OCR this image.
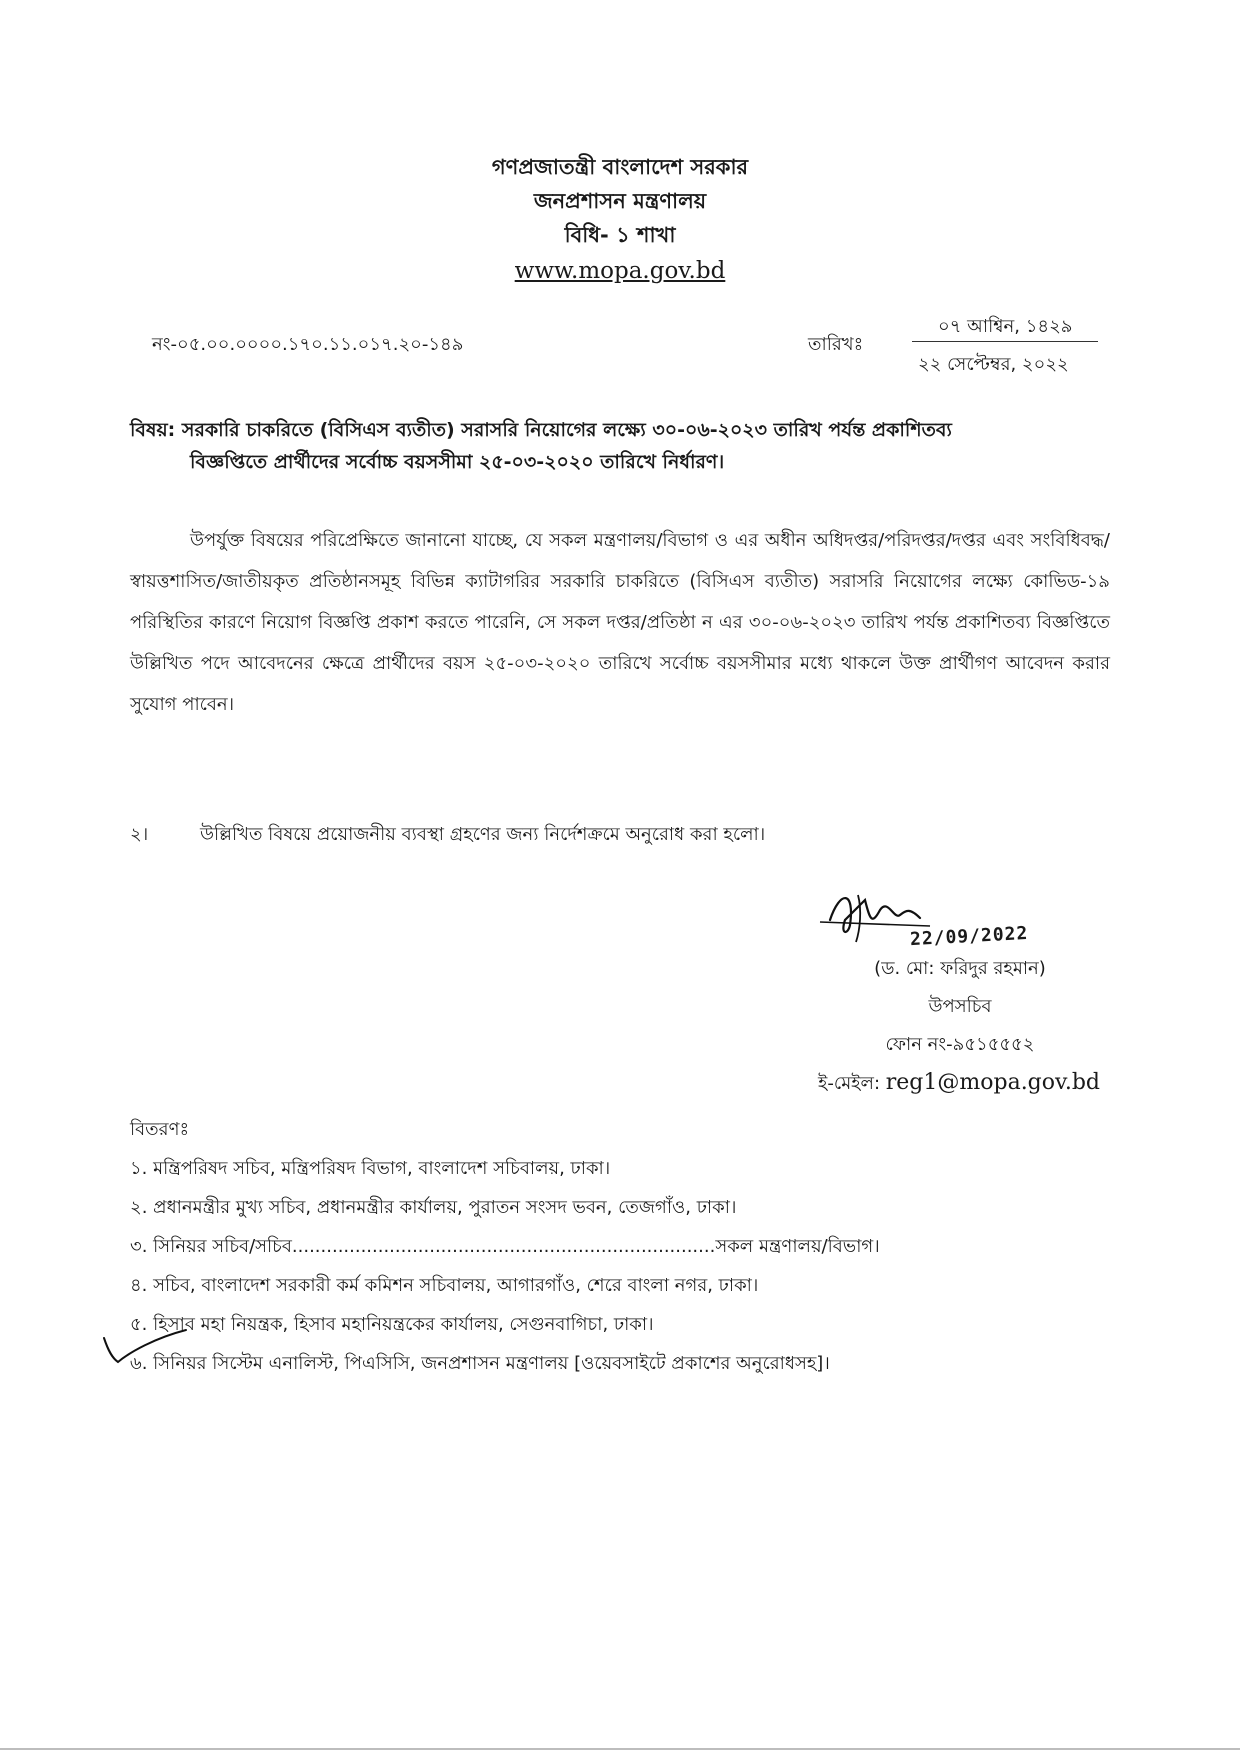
গণপ্রজাতন্ত্রী বাংলাদেশ সরকার
জনপ্রশাসন মন্ত্রণালয়
বিধি- ১ শাখা
www.mopa.gov.bd
নং-০৫.০০.০০০০.১৭০.১১.০১৭.২০-১৪৯	তারিখঃ
০৭ আশ্বিন, ১৪২৯
২২ সেপ্টেম্বর, ২০২২
বিষয়: সরকারি চাকরিতে (বিসিএস ব্যতীত) সরাসরি নিয়োগের লক্ষ্যে ৩০-০৬-২০২৩ তারিখ পর্যন্ত প্রকাশিতব্য
বিজ্ঞপ্তিতে প্রার্থীদের সর্বোচ্চ বয়সসীমা ২৫-০৩-২০২০ তারিখে নির্ধারণ।

উপর্যুক্ত বিষয়ের পরিপ্রেক্ষিতে জানানো যাচ্ছে, যে সকল মন্ত্রণালয়/বিভাগ ও এর অধীন অধিদপ্তর/পরিদপ্তর/দপ্তর এবং সংবিধিবদ্ধ/স্বায়ত্তশাসিত/জাতীয়কৃত প্রতিষ্ঠানসমূহ বিভিন্ন ক্যাটাগরির সরকারি চাকরিতে (বিসিএস ব্যতীত) সরাসরি নিয়োগের লক্ষ্যে কোভিড-১৯ পরিস্থিতির কারণে নিয়োগ বিজ্ঞপ্তি প্রকাশ করতে পারেনি, সে সকল দপ্তর/প্রতিষ্ঠা ন এর ৩০-০৬-২০২৩ তারিখ পর্যন্ত প্রকাশিতব্য বিজ্ঞপ্তিতে উল্লিখিত পদে আবেদনের ক্ষেত্রে প্রার্থীদের বয়স ২৫-০৩-২০২০ তারিখে সর্বোচ্চ বয়সসীমার মধ্যে থাকলে উক্ত প্রার্থীগণ আবেদন করার সুযোগ পাবেন।

২।	উল্লিখিত বিষয়ে প্রয়োজনীয় ব্যবস্থা গ্রহণের জন্য নির্দেশক্রমে অনুরোধ করা হলো।
22/09/2022
(ড. মো: ফরিদুর রহমান)
উপসচিব
ফোন নং-৯৫১৫৫৫২
ই-মেইল: reg1@mopa.gov.bd
বিতরণঃ
১. মন্ত্রিপরিষদ সচিব, মন্ত্রিপরিষদ বিভাগ, বাংলাদেশ সচিবালয়, ঢাকা।
২. প্রধানমন্ত্রীর মুখ্য সচিব, প্রধানমন্ত্রীর কার্যালয়, পুরাতন সংসদ ভবন, তেজগাঁও, ঢাকা।
৩. সিনিয়র সচিব/সচিব..........................................................................সকল মন্ত্রণালয়/বিভাগ।
৪. সচিব, বাংলাদেশ সরকারী কর্ম কমিশন সচিবালয়, আগারগাঁও, শেরে বাংলা নগর, ঢাকা।
৫. হিসাব মহা নিয়ন্ত্রক, হিসাব মহানিয়ন্ত্রকের কার্যালয়, সেগুনবাগিচা, ঢাকা।
৬. সিনিয়র সিস্টেম এনালিস্ট, পিএসিসি, জনপ্রশাসন মন্ত্রণালয় [ওয়েবসাইটে প্রকাশের অনুরোধসহ]।
